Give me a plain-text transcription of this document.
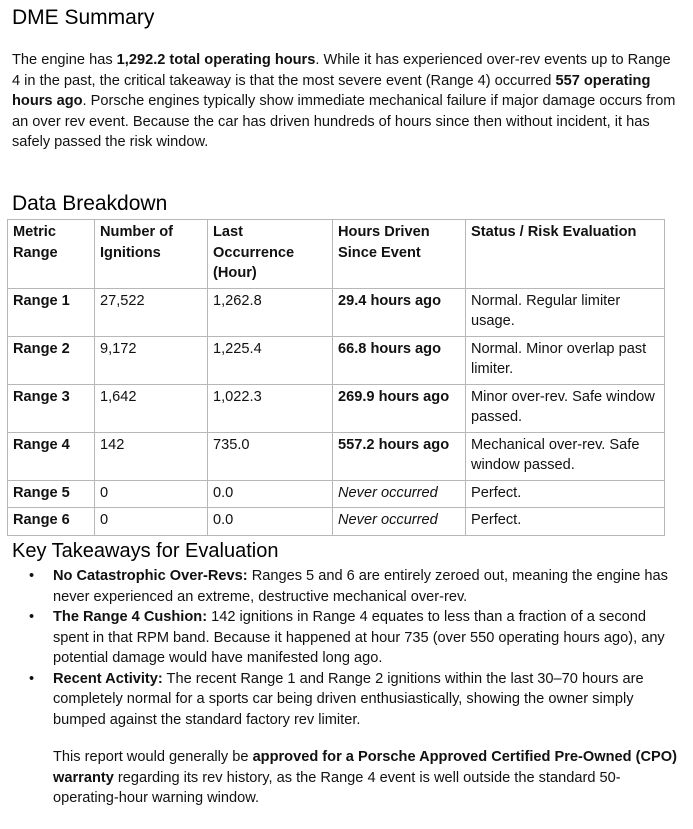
DME Summary

The engine has 1,292.2 total operating hours. While it has experienced over-rev events up to Range 4 in the past, the critical takeaway is that the most severe event (Range 4) occurred 557 operating hours ago. Porsche engines typically show immediate mechanical failure if major damage occurs from an over rev event. Because the car has driven hundreds of hours since then without incident, it has safely passed the risk window.

Data Breakdown
Metric Range	Number of Ignitions	Last Occurrence (Hour)	Hours Driven Since Event	Status / Risk Evaluation
Range 1	27,522	1,262.8	29.4 hours ago	Normal. Regular limiter usage.
Range 2	9,172	1,225.4	66.8 hours ago	Normal. Minor overlap past limiter.
Range 3	1,642	1,022.3	269.9 hours ago	Minor over-rev. Safe window passed.
Range 4	142	735.0	557.2 hours ago	Mechanical over-rev. Safe window passed.
Range 5	0	0.0	Never occurred	Perfect.
Range 6	0	0.0	Never occurred	Perfect.
Key Takeaways for Evaluation
• No Catastrophic Over-Revs: Ranges 5 and 6 are entirely zeroed out, meaning the engine has never experienced an extreme, destructive mechanical over-rev.
• The Range 4 Cushion: 142 ignitions in Range 4 equates to less than a fraction of a second spent in that RPM band. Because it happened at hour 735 (over 550 operating hours ago), any potential damage would have manifested long ago.
• Recent Activity: The recent Range 1 and Range 2 ignitions within the last 30–70 hours are completely normal for a sports car being driven enthusiastically, showing the owner simply bumped against the standard factory rev limiter.

This report would generally be approved for a Porsche Approved Certified Pre-Owned (CPO) warranty regarding its rev history, as the Range 4 event is well outside the standard 50-operating-hour warning window.
